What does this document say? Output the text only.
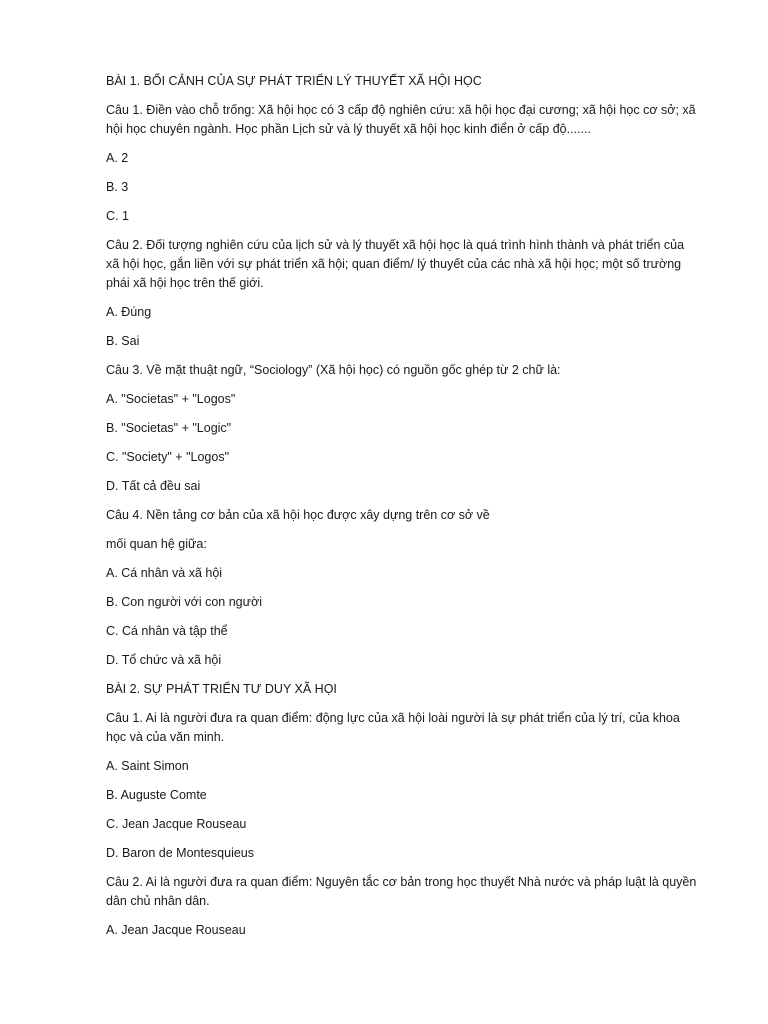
BÀI 1. BỐI CẢNH CỦA SỰ PHÁT TRIỂN LÝ THUYẾT XÃ HỘI HỌC

Câu 1. Điền vào chỗ trống: Xã hội học có 3 cấp độ nghiên cứu: xã hội học đại cương; xã hội học cơ sở; xã hội học chuyên ngành. Học phần Lịch sử và lý thuyết xã hội học kinh điển ở cấp độ.......

A. 2

B. 3

C. 1

Câu 2. Đối tượng nghiên cứu của lịch sử và lý thuyết xã hội học là quá trình hình thành và phát triển của xã hội học, gắn liền với sự phát triển xã hội; quan điểm/ lý thuyết của các nhà xã hội học; một số trường phái xã hội học trên thế giới.

A. Đúng

B. Sai

Câu 3. Về mặt thuật ngữ, “Sociology” (Xã hội học) có nguồn gốc ghép từ 2 chữ là:

A. "Societas" + "Logos"

B. "Societas" + "Logic"

C. "Society" + "Logos"

D. Tất cả đều sai

Câu 4. Nền tảng cơ bản của xã hội học được xây dựng trên cơ sở về

mối quan hệ giữa:

A. Cá nhân và xã hội

B. Con người với con người

C. Cá nhân và tập thể

D. Tổ chức và xã hội

BÀI 2. SỰ PHÁT TRIỂN TƯ DUY XÃ HỌI

Câu 1. Ai là người đưa ra quan điểm: động lực của xã hội loài người là sự phát triển của lý trí, của khoa học và của văn minh.

A. Saint Simon

B. Auguste Comte

C. Jean Jacque Rouseau

D. Baron de Montesquieus

Câu 2. Ai là người đưa ra quan điểm: Nguyên tắc cơ bản trong học thuyết Nhà nước và pháp luật là quyền dân chủ nhân dân.

A. Jean Jacque Rouseau
